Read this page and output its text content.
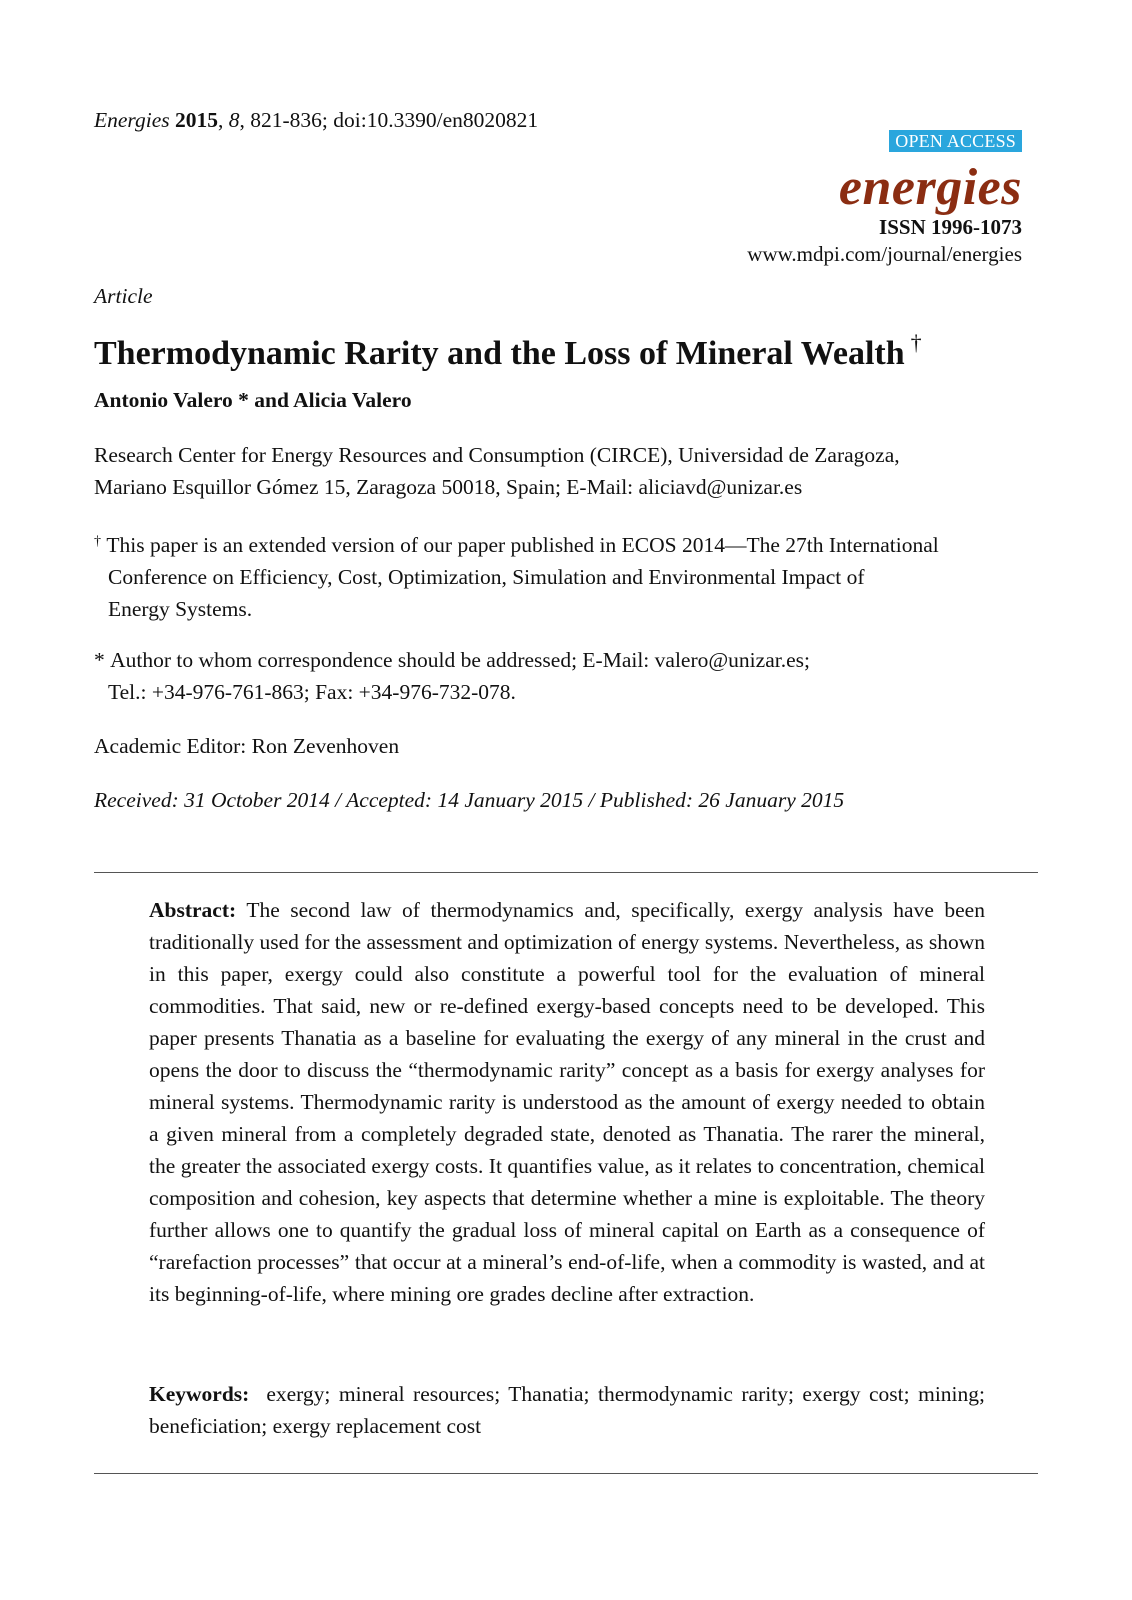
Energies 2015, 8, 821-836; doi:10.3390/en8020821
OPEN ACCESS
energies
ISSN 1996-1073
www.mdpi.com/journal/energies
Article
Thermodynamic Rarity and the Loss of Mineral Wealth †
Antonio Valero * and Alicia Valero
Research Center for Energy Resources and Consumption (CIRCE), Universidad de Zaragoza,
Mariano Esquillor Gómez 15, Zaragoza 50018, Spain; E-Mail: aliciavd@unizar.es
† This paper is an extended version of our paper published in ECOS 2014—The 27th International
Conference on Efficiency, Cost, Optimization, Simulation and Environmental Impact of
Energy Systems.
* Author to whom correspondence should be addressed; E-Mail: valero@unizar.es;
Tel.: +34-976-761-863; Fax: +34-976-732-078.
Academic Editor: Ron Zevenhoven
Received: 31 October 2014 / Accepted: 14 January 2015 / Published: 26 January 2015

Abstract: The second law of thermodynamics and, specifically, exergy analysis have been traditionally used for the assessment and optimization of energy systems. Nevertheless, as shown in this paper, exergy could also constitute a powerful tool for the evaluation of mineral commodities. That said, new or re-defined exergy-based concepts need to be developed. This paper presents Thanatia as a baseline for evaluating the exergy of any mineral in the crust and opens the door to discuss the “thermodynamic rarity” concept as a basis for exergy analyses for mineral systems. Thermodynamic rarity is understood as the amount of exergy needed to obtain a given mineral from a completely degraded state, denoted as Thanatia. The rarer the mineral, the greater the associated exergy costs. It quantifies value, as it relates to concentration, chemical composition and cohesion, key aspects that determine whether a mine is exploitable. The theory further allows one to quantify the gradual loss of mineral capital on Earth as a consequence of “rarefaction processes” that occur at a mineral’s end-of-life, when a commodity is wasted, and at its beginning-of-life, where mining ore grades decline after extraction.

Keywords: exergy; mineral resources; Thanatia; thermodynamic rarity; exergy cost; mining; beneficiation; exergy replacement cost
